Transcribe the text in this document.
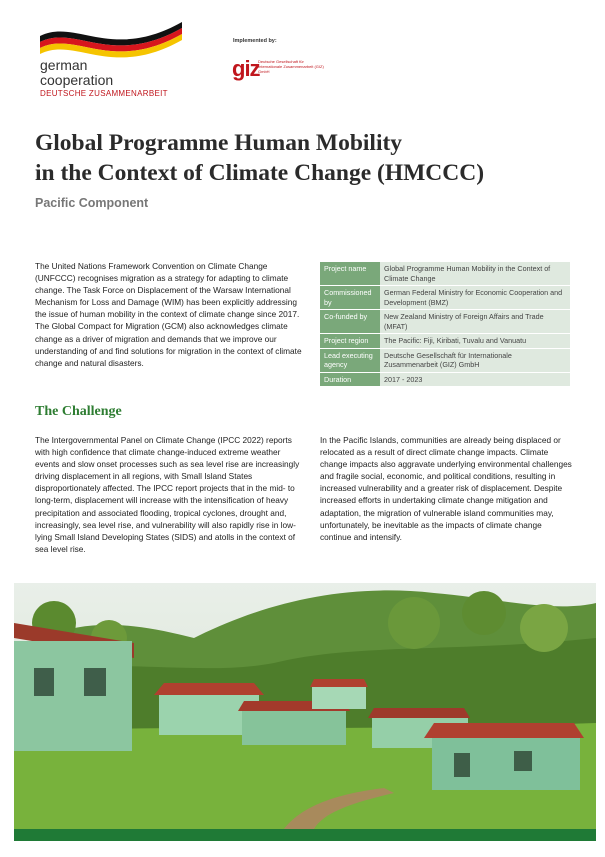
german
cooperation
DEUTSCHE ZUSAMMENARBEIT
Implemented by:
giz
Deutsche Gesellschaft für Internationale Zusammenarbeit (GIZ) GmbH
Global Programme Human Mobility
in the Context of Climate Change (HMCCC)
Pacific Component
The United Nations Framework Convention on Climate Change (UNFCCC) recognises migration as a strategy for adapting to climate change. The Task Force on Displacement of the Warsaw International Mechanism for Loss and Damage (WIM) has been explicitly addressing the issue of human mobility in the context of climate change since 2017. The Global Compact for Migration (GCM) also acknowledges climate change as a driver of migration and demands that we improve our understanding of and find solutions for migration in the context of climate change and natural disasters.
Project name	Global Programme Human Mobility in the Context of Climate Change
Commissioned by	German Federal Ministry for Economic Cooperation and Development (BMZ)
Co-funded by	New Zealand Ministry of Foreign Affairs and Trade (MFAT)
Project region	The Pacific: Fiji, Kiribati, Tuvalu and Vanuatu
Lead executing agency	Deutsche Gesellschaft für Internationale Zusammenarbeit (GIZ) GmbH
Duration	2017 - 2023
The Challenge
The Intergovernmental Panel on Climate Change (IPCC 2022) reports with high confidence that climate change-induced extreme weather events and slow onset processes such as sea level rise are increasingly driving displacement in all regions, with Small Island States disproportionately affected. The IPCC report projects that in the mid- to long-term, displacement will increase with the intensification of heavy precipitation and associated flooding, tropical cyclones, drought and, increasingly, sea level rise, and vulnerability will also rapidly rise in low-lying Small Island Developing States (SIDS) and atolls in the context of sea level rise.
In the Pacific Islands, communities are already being displaced or relocated as a result of direct climate change impacts. Climate change impacts also aggravate underlying environmental challenges and fragile social, economic, and political conditions, resulting in increased vulnerability and a greater risk of displacement. Despite increased efforts in undertaking climate change mitigation and adaptation, the migration of vulnerable island communities may, unfortunately, be inevitable as the impacts of climate change continue and intensify.
